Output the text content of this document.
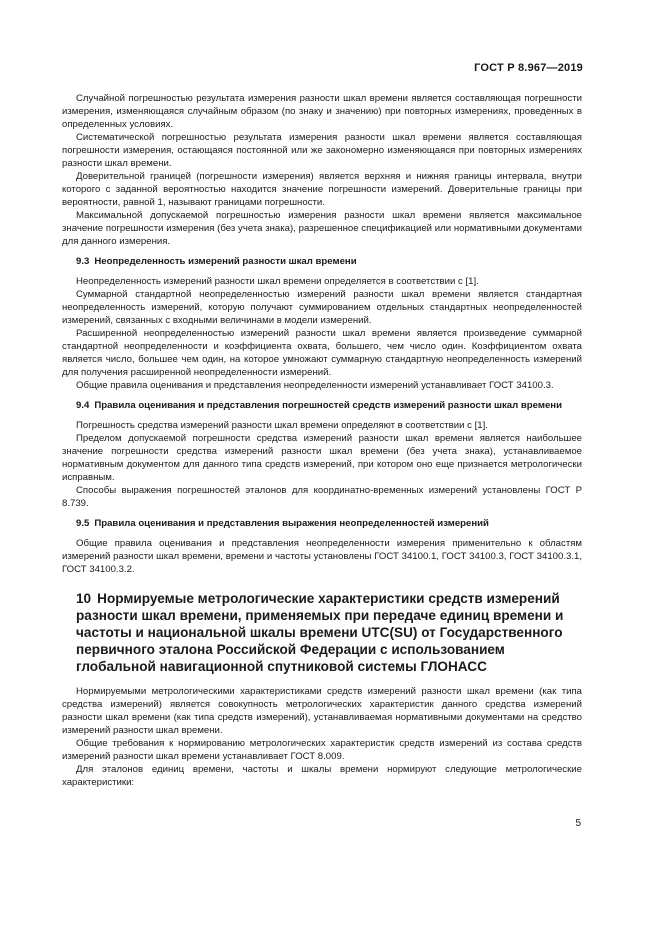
ГОСТ Р 8.967—2019

Случайной погрешностью результата измерения разности шкал времени является составляющая погрешности измерения, изменяющаяся случайным образом (по знаку и значению) при повторных измерениях, проведенных в определенных условиях.

Систематической погрешностью результата измерения разности шкал времени является составляющая погрешности измерения, остающаяся постоянной или же закономерно изменяющаяся при повторных измерениях разности шкал времени.

Доверительной границей (погрешности измерения) является верхняя и нижняя границы интервала, внутри которого с заданной вероятностью находится значение погрешности измерений. Доверительные границы при вероятности, равной 1, называют границами погрешности.

Максимальной допускаемой погрешностью измерения разности шкал времени является максимальное значение погрешности измерения (без учета знака), разрешенное спецификацией или нормативными документами для данного измерения.

9.3 Неопределенность измерений разности шкал времени

Неопределенность измерений разности шкал времени определяется в соответствии с [1].

Суммарной стандартной неопределенностью измерений разности шкал времени является стандартная неопределенность измерений, которую получают суммированием отдельных стандартных неопределенностей измерений, связанных с входными величинами в модели измерений.

Расширенной неопределенностью измерений разности шкал времени является произведение суммарной стандартной неопределенности и коэффициента охвата, большего, чем число один. Коэффициентом охвата является число, большее чем один, на которое умножают суммарную стандартную неопределенность измерений для получения расширенной неопределенности измерений.

Общие правила оценивания и представления неопределенности измерений устанавливает ГОСТ 34100.3.

9.4 Правила оценивания и представления погрешностей средств измерений разности шкал времени

Погрешность средства измерений разности шкал времени определяют в соответствии с [1].

Пределом допускаемой погрешности средства измерений разности шкал времени является наибольшее значение погрешности средства измерений разности шкал времени (без учета знака), устанавливаемое нормативным документом для данного типа средств измерений, при котором оно еще признается метрологически исправным.

Способы выражения погрешностей эталонов для координатно-временных измерений установлены ГОСТ Р 8.739.

9.5 Правила оценивания и представления выражения неопределенностей измерений

Общие правила оценивания и представления неопределенности измерения применительно к областям измерений разности шкал времени, времени и частоты установлены ГОСТ 34100.1, ГОСТ 34100.3, ГОСТ 34100.3.1, ГОСТ 34100.3.2.

10 Нормируемые метрологические характеристики средств измерений разности шкал времени, применяемых при передаче единиц времени и частоты и национальной шкалы времени UTC(SU) от Государственного первичного эталона Российской Федерации с использованием глобальной навигационной спутниковой системы ГЛОНАСС

Нормируемыми метрологическими характеристиками средств измерений разности шкал времени (как типа средства измерений) является совокупность метрологических характеристик данного средства измерений разности шкал времени (как типа средств измерений), устанавливаемая нормативными документами на средство измерений разности шкал времени.

Общие требования к нормированию метрологических характеристик средств измерений из состава средств измерений разности шкал времени устанавливает ГОСТ 8.009.

Для эталонов единиц времени, частоты и шкалы времени нормируют следующие метрологические характеристики:

5
